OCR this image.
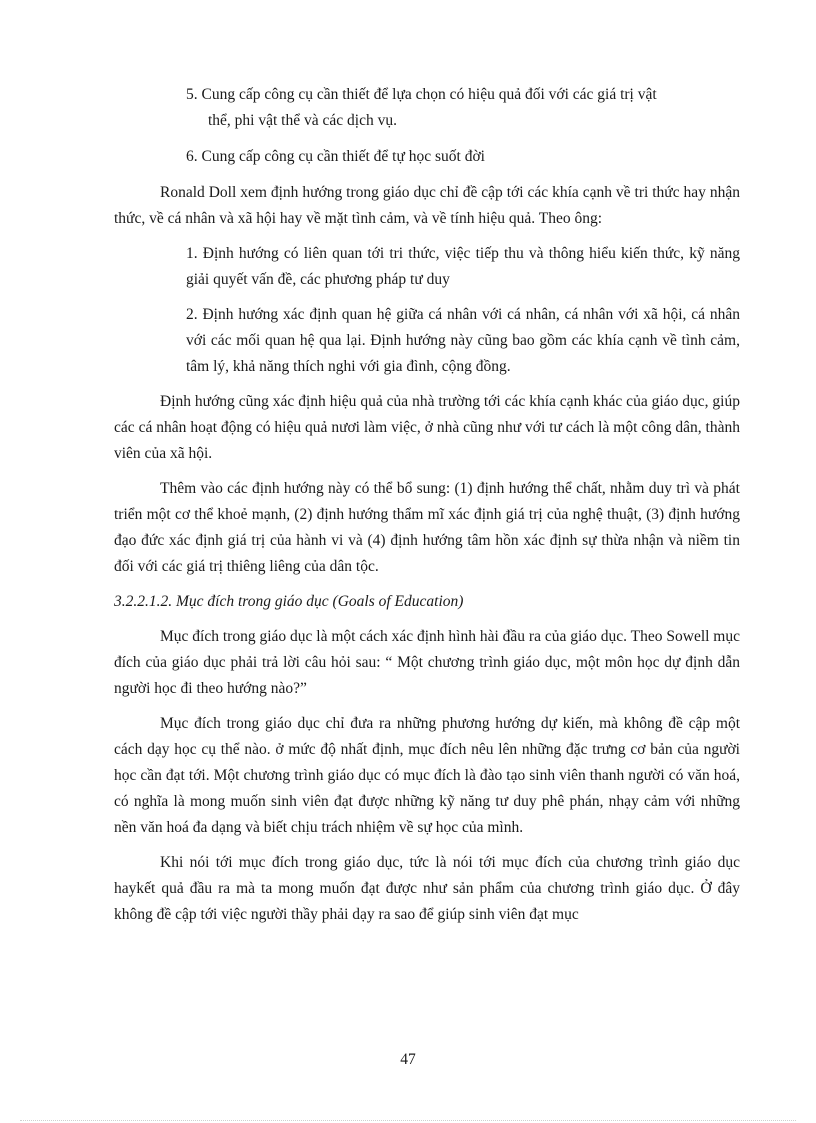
5. Cung cấp công cụ cần thiết để lựa chọn có hiệu quả đối với các giá trị vật

thể, phi vật thể và các dịch vụ.

6. Cung cấp công cụ cần thiết để tự học suốt đời

Ronald Doll xem định hướng trong giáo dục chỉ đề cập tới các khía cạnh về tri thức hay nhận thức, về cá nhân và xã hội hay về mặt tình cảm, và về tính hiệu quả. Theo ông:

1. Định hướng có liên quan tới tri thức, việc tiếp thu và thông hiểu kiến thức, kỹ năng giải quyết vấn đề, các phương pháp tư duy

2. Định hướng xác định quan hệ giữa cá nhân với cá nhân, cá nhân với xã hội, cá nhân với các mối quan hệ qua lại. Định hướng này cũng bao gồm các khía cạnh về tình cảm, tâm lý, khả năng thích nghi với gia đình, cộng đồng.

Định hướng cũng xác định hiệu quả của nhà trường tới các khía cạnh khác của giáo dục, giúp các cá nhân hoạt động có hiệu quả nươi làm việc, ở nhà cũng như với tư cách là một công dân, thành viên của xã hội.

Thêm vào các định hướng này có thể bổ sung: (1) định hướng thể chất, nhằm duy trì và phát triển một cơ thể khoẻ mạnh, (2) định hướng thẩm mĩ xác định giá trị của nghệ thuật, (3) định hướng đạo đức xác định giá trị của hành vi và (4) định hướng tâm hồn xác định sự thừa nhận và niềm tin đối với các giá trị thiêng liêng của dân tộc.

3.2.2.1.2. Mục đích trong giáo dục (Goals of Education)

Mục đích trong giáo dục là một cách xác định hình hài đầu ra của giáo dục. Theo Sowell mục đích của giáo dục phải trả lời câu hỏi sau: “ Một chương trình giáo dục, một môn học dự định dẫn người học đi theo hướng nào?”

Mục đích trong giáo dục chỉ đưa ra những phương hướng dự kiến, mà không đề cập một cách dạy học cụ thể nào. ở mức độ nhất định, mục đích nêu lên những đặc trưng cơ bản của người học cần đạt tới. Một chương trình giáo dục có mục đích là đào tạo sinh viên thanh người có văn hoá, có nghĩa là mong muốn sinh viên đạt được những kỹ năng tư duy phê phán, nhạy cảm với những nền văn hoá đa dạng và biết chịu trách nhiệm về sự học của mình.

Khi nói tới mục đích trong giáo dục, tức là nói tới mục đích của chương trình giáo dục haykết quả đầu ra mà ta mong muốn đạt được như sản phẩm của chương trình giáo dục. Ở đây không đề cập tới việc người thầy phải dạy ra sao để giúp sinh viên đạt mục

47
